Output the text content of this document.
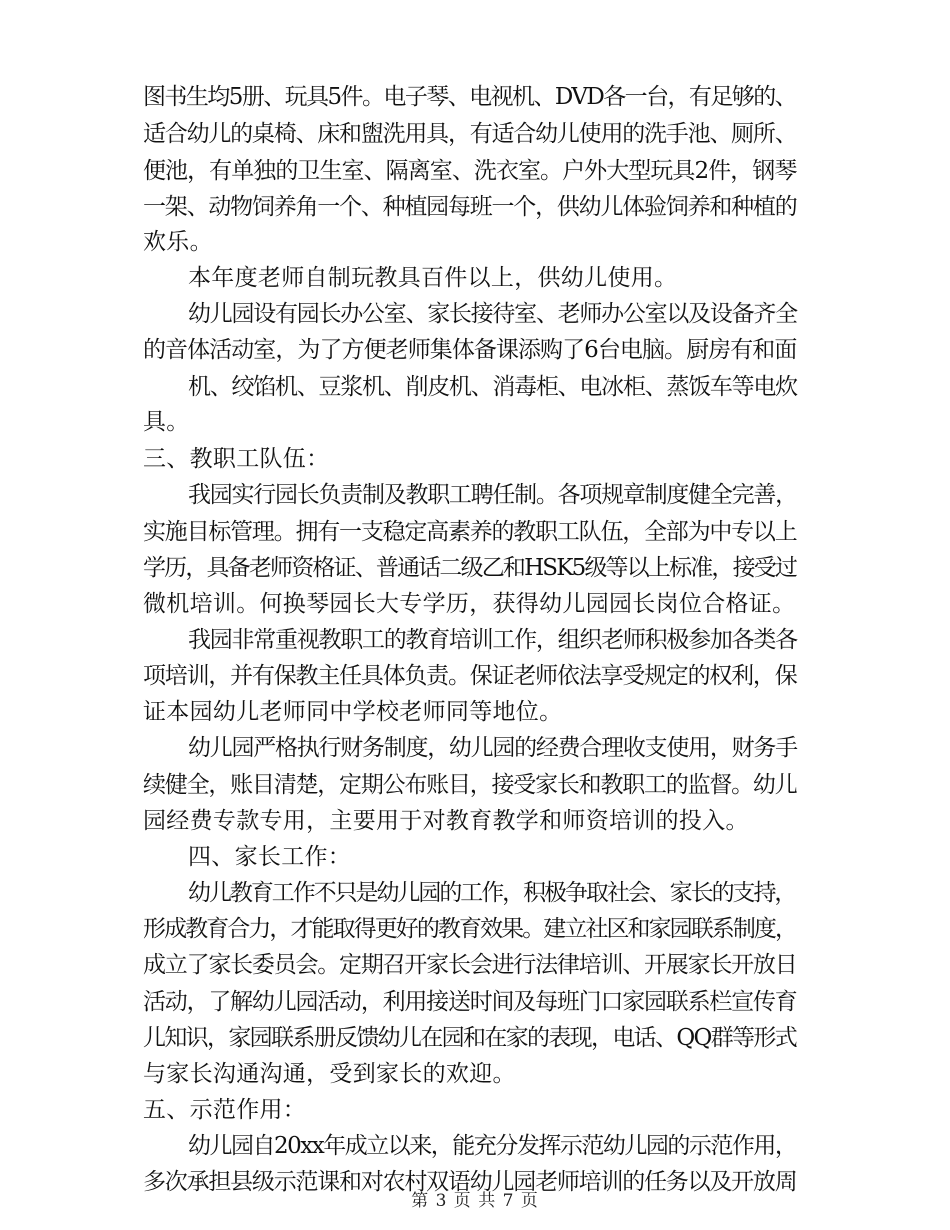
图书生均5册、玩具5件。电子琴、电视机、DVD各一台，有足够的、
适合幼儿的桌椅、床和盥洗用具，有适合幼儿使用的洗手池、厕所、
便池，有单独的卫生室、隔离室、洗衣室。户外大型玩具2件，钢琴
一架、动物饲养角一个、种植园每班一个，供幼儿体验饲养和种植的
欢乐。
本年度老师自制玩教具百件以上，供幼儿使用。
幼儿园设有园长办公室、家长接待室、老师办公室以及设备齐全
的音体活动室，为了方便老师集体备课添购了6台电脑。厨房有和面
机、绞馅机、豆浆机、削皮机、消毒柜、电冰柜、蒸饭车等电炊
具。
三、教职工队伍：
我园实行园长负责制及教职工聘任制。各项规章制度健全完善，
实施目标管理。拥有一支稳定高素养的教职工队伍，全部为中专以上
学历，具备老师资格证、普通话二级乙和HSK5级等以上标准，接受过
微机培训。何换琴园长大专学历，获得幼儿园园长岗位合格证。
我园非常重视教职工的教育培训工作，组织老师积极参加各类各
项培训，并有保教主任具体负责。保证老师依法享受规定的权利，保
证本园幼儿老师同中学校老师同等地位。
幼儿园严格执行财务制度，幼儿园的经费合理收支使用，财务手
续健全，账目清楚，定期公布账目，接受家长和教职工的监督。幼儿
园经费专款专用，主要用于对教育教学和师资培训的投入。
四、家长工作：
幼儿教育工作不只是幼儿园的工作，积极争取社会、家长的支持，
形成教育合力，才能取得更好的教育效果。建立社区和家园联系制度，
成立了家长委员会。定期召开家长会进行法律培训、开展家长开放日
活动，了解幼儿园活动，利用接送时间及每班门口家园联系栏宣传育
儿知识，家园联系册反馈幼儿在园和在家的表现，电话、QQ群等形式
与家长沟通沟通，受到家长的欢迎。
五、示范作用：
幼儿园自20xx年成立以来，能充分发挥示范幼儿园的示范作用，
多次承担县级示范课和对农村双语幼儿园老师培训的任务以及开放周
第 3 页 共 7 页
